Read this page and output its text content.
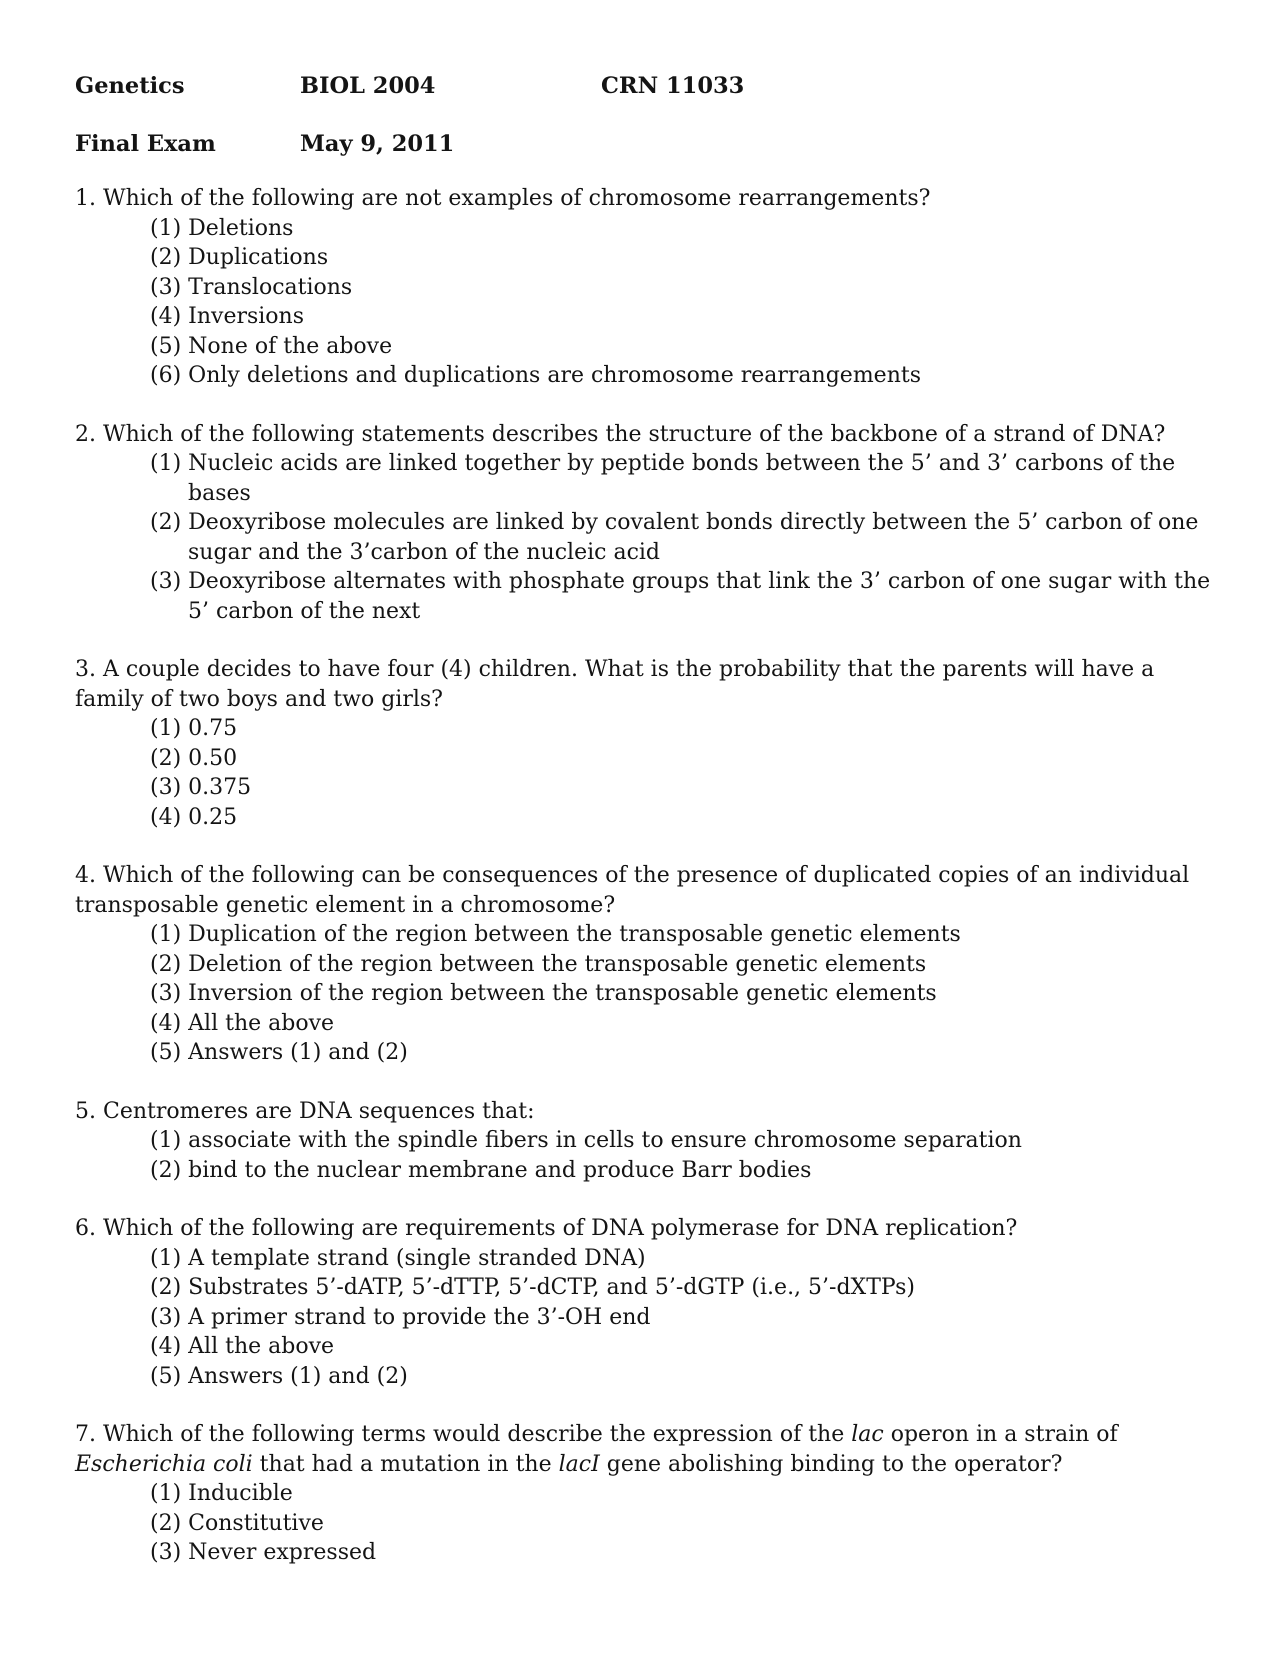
Genetics	BIOL 2004	CRN 11033
Final Exam	May 9, 2011

1. Which of the following are not examples of chromosome rearrangements?

(1) Deletions
(2) Duplications
(3) Translocations
(4) Inversions
(5) None of the above
(6) Only deletions and duplications are chromosome rearrangements

2. Which of the following statements describes the structure of the backbone of a strand of DNA?

(1) Nucleic acids are linked together by peptide bonds between the 5’ and 3’ carbons of the bases
(2) Deoxyribose molecules are linked by covalent bonds directly between the 5’ carbon of one sugar and the 3’carbon of the nucleic acid
(3) Deoxyribose alternates with phosphate groups that link the 3’ carbon of one sugar with the 5’ carbon of the next

3. A couple decides to have four (4) children. What is the probability that the parents will have a family of two boys and two girls?

(1) 0.75
(2) 0.50
(3) 0.375
(4) 0.25

4. Which of the following can be consequences of the presence of duplicated copies of an individual transposable genetic element in a chromosome?

(1) Duplication of the region between the transposable genetic elements
(2) Deletion of the region between the transposable genetic elements
(3) Inversion of the region between the transposable genetic elements
(4) All the above
(5) Answers (1) and (2)

5. Centromeres are DNA sequences that:

(1) associate with the spindle fibers in cells to ensure chromosome separation
(2) bind to the nuclear membrane and produce Barr bodies

6. Which of the following are requirements of DNA polymerase for DNA replication?

(1) A template strand (single stranded DNA)
(2) Substrates 5’-dATP, 5’-dTTP, 5’-dCTP, and 5’-dGTP (i.e., 5’-dXTPs)
(3) A primer strand to provide the 3’-OH end
(4) All the above
(5) Answers (1) and (2)

7. Which of the following terms would describe the expression of the lac operon in a strain of Escherichia coli that had a mutation in the lacI gene abolishing binding to the operator?

(1) Inducible
(2) Constitutive
(3) Never expressed
